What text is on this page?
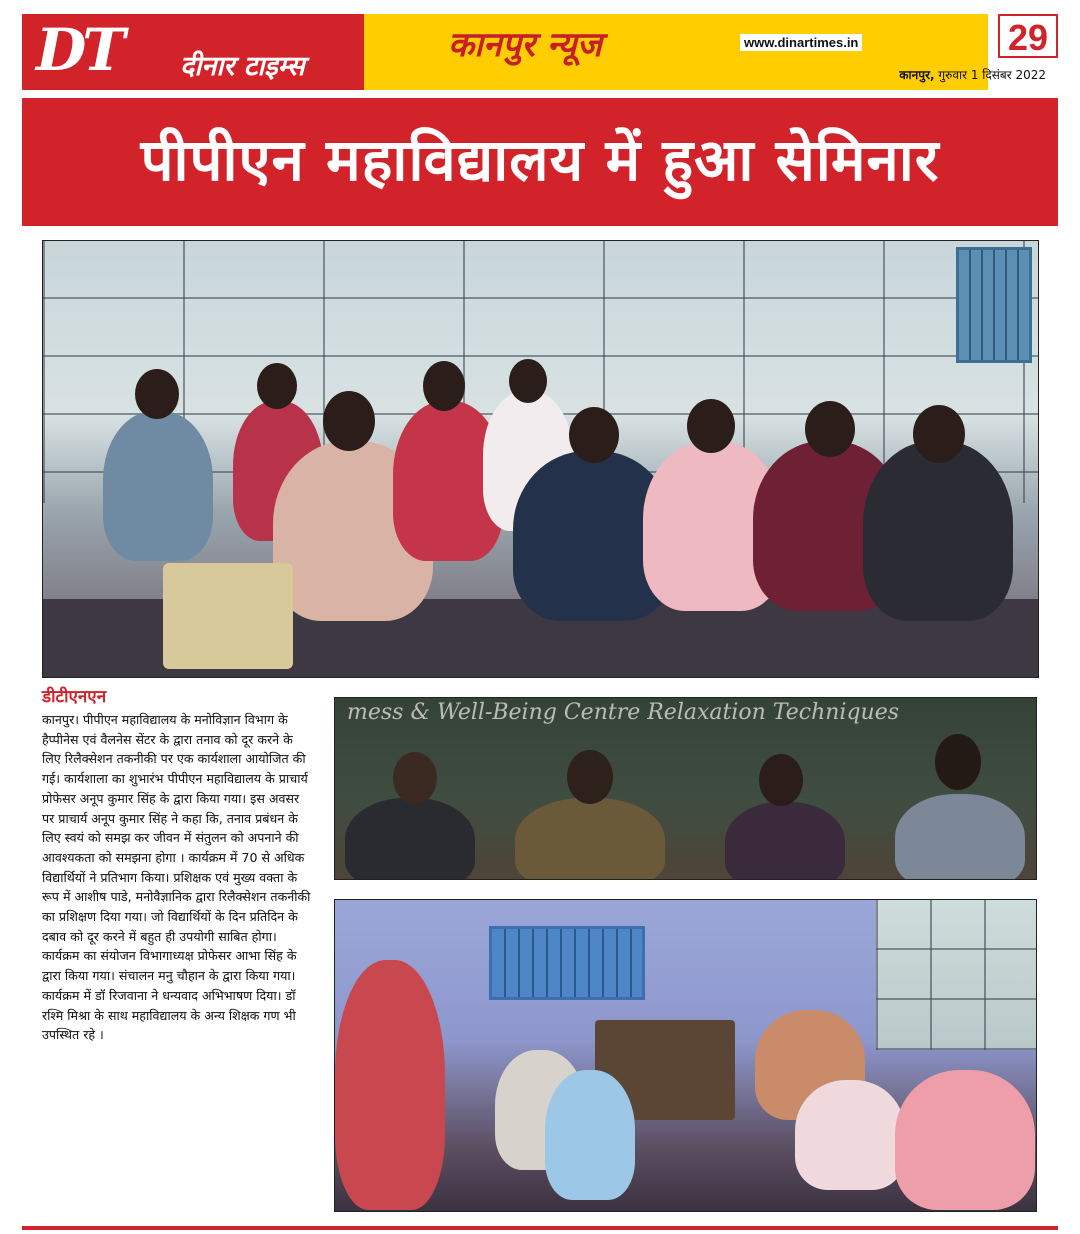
DT दीनार टाइम्स
कानपुर न्यूज	www.dinartimes.in	29
कानपुर, गुरुवार 1 दिसंबर 2022
पीपीएन महाविद्यालय में हुआ सेमिनार
डीटीएनएन

कानपुर। पीपीएन महाविद्यालय के मनोविज्ञान विभाग के हैप्पीनेस एवं वैलनेस सेंटर के द्वारा तनाव को दूर करने के लिए रिलैक्सेशन तकनीकी पर एक कार्यशाला आयोजित की गई। कार्यशाला का शुभारंभ पीपीएन महाविद्यालय के प्राचार्य प्रोफेसर अनूप कुमार सिंह के द्वारा किया गया। इस अवसर पर प्राचार्य अनूप कुमार सिंह ने कहा कि, तनाव प्रबंधन के लिए स्वयं को समझ कर जीवन में संतुलन को अपनाने की आवश्यकता को समझना होगा । कार्यक्रम में 70 से अधिक विद्यार्थियों ने प्रतिभाग किया। प्रशिक्षक एवं मुख्य वक्ता के रूप में आशीष पाडे, मनोवैज्ञानिक द्वारा रिलैक्सेशन तकनीकी का प्रशिक्षण दिया गया। जो विद्यार्थियों के दिन प्रतिदिन के दबाव को दूर करने में बहुत ही उपयोगी साबित होगा। कार्यक्रम का संयोजन विभागाध्यक्ष प्रोफेसर आभा सिंह के द्वारा किया गया। संचालन मनु चौहान के द्वारा किया गया। कार्यक्रम में डॉ रिजवाना ने धन्यवाद अभिभाषण दिया। डॉ रश्मि मिश्रा के साथ महाविद्यालय के अन्य शिक्षक गण भी उपस्थित रहे ।

mess & Well-Being Centre Relaxation Techniques
